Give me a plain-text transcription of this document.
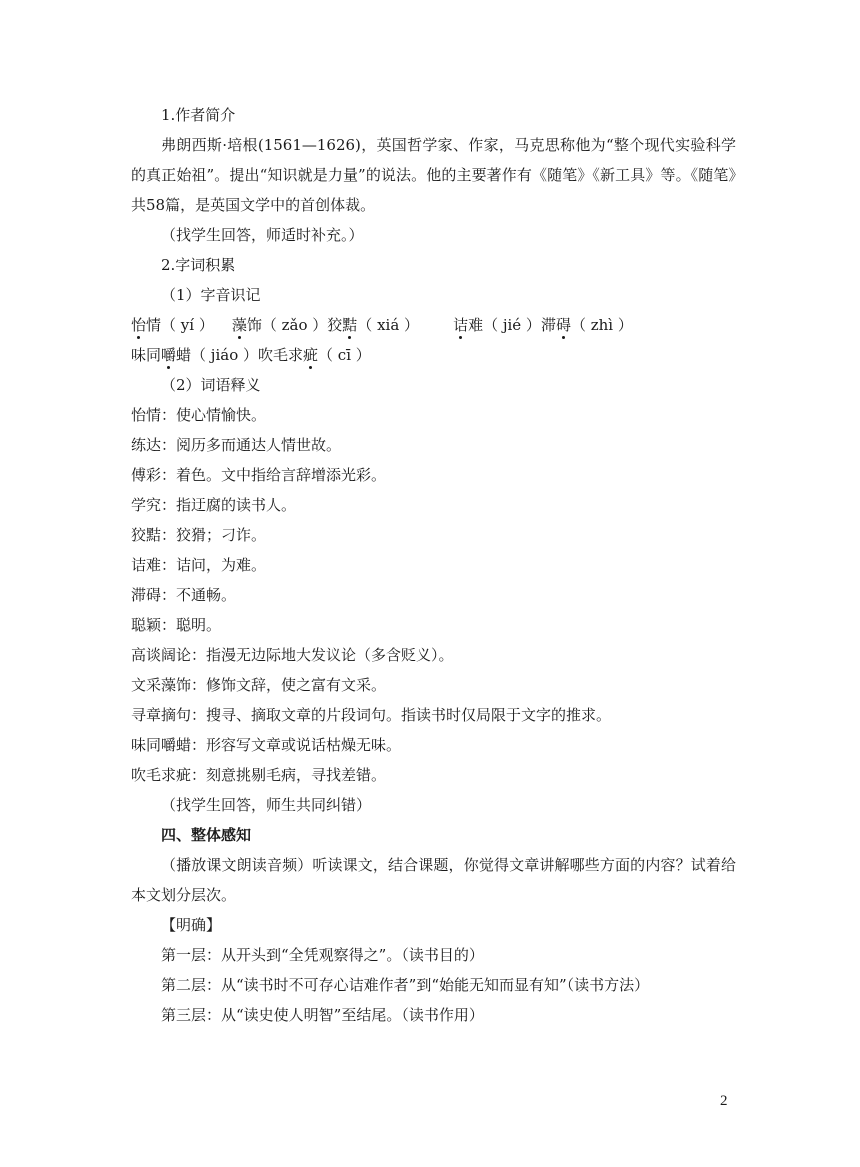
1.作者简介
弗朗西斯·培根(1561—1626)，英国哲学家、作家，马克思称他为“整个现代实验科学的真正始祖”。提出“知识就是力量”的说法。他的主要著作有《随笔》《新工具》等。《随笔》共58篇，是英国文学中的首创体裁。
（找学生回答，师适时补充。）
2.字词积累
（1）字音识记
怡情（ yí ） 藻饰（ zǎo ）狡黠（ xiá ） 诘难（ jié ）滞碍（ zhì ）
味同嚼蜡（ jiáo ）吹毛求疵（ cī ）
（2）词语释义
怡情：使心情愉快。
练达：阅历多而通达人情世故。
傅彩：着色。文中指给言辞增添光彩。
学究：指迂腐的读书人。
狡黠：狡猾；刁诈。
诘难：诘问，为难。
滞碍：不通畅。
聪颖：聪明。
高谈阔论：指漫无边际地大发议论（多含贬义）。
文采藻饰：修饰文辞，使之富有文采。
寻章摘句：搜寻、摘取文章的片段词句。指读书时仅局限于文字的推求。
味同嚼蜡：形容写文章或说话枯燥无味。
吹毛求疵：刻意挑剔毛病，寻找差错。
（找学生回答，师生共同纠错）
四、整体感知
（播放课文朗读音频）听读课文，结合课题，你觉得文章讲解哪些方面的内容？试着给本文划分层次。
【明确】
第一层：从开头到“全凭观察得之”。（读书目的）
第二层：从“读书时不可存心诘难作者”到“始能无知而显有知”（读书方法）
第三层：从“读史使人明智”至结尾。（读书作用）
2
